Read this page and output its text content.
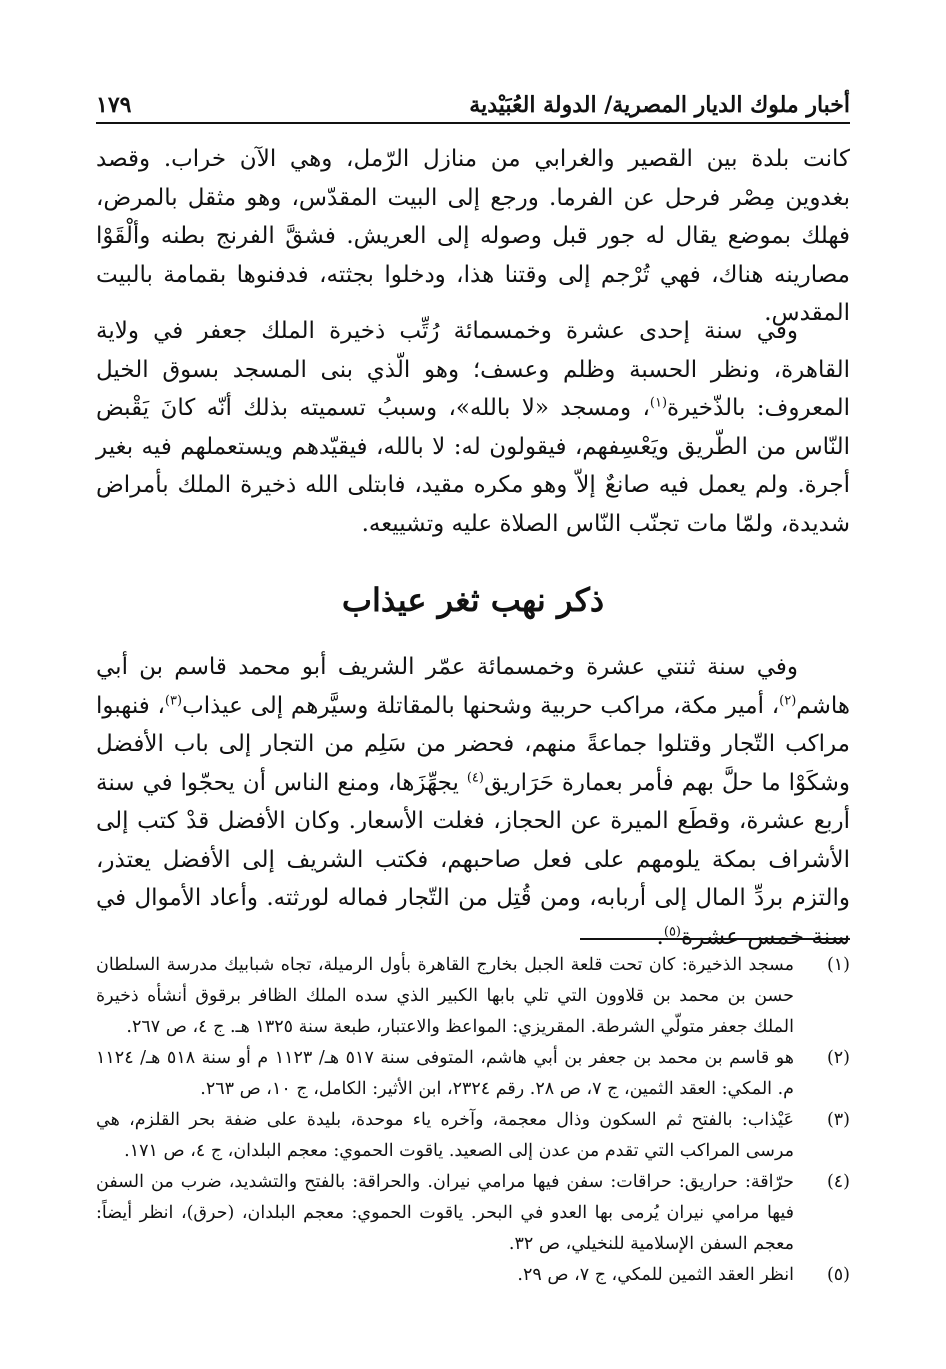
أخبار ملوك الديار المصرية/ الدولة العُبَيْدية
١٧٩

كانت بلدة بين القصير والغرابي من منازل الرّمل، وهي الآن خراب. وقصد بغدوين مِصْر فرحل عن الفرما. ورجع إلى البيت المقدّس، وهو مثقل بالمرض، فهلك بموضع يقال له جور قبل وصوله إلى العريش. فشقَّ الفرنج بطنه وألْقَوْا مصارينه هناك، فهي تُرْجم إلى وقتنا هذا، ودخلوا بجثته، فدفنوها بقمامة بالبيت المقدس.

وفي سنة إحدى عشرة وخمسمائة رُتِّب ذخيرة الملك جعفر في ولاية القاهرة، ونظر الحسبة وظلم وعسف؛ وهو الّذي بنى المسجد بسوق الخيل المعروف: بالذّخيرة$^{(١)}$، ومسجد «لا بالله»، وسببُ تسميته بذلك أنّه كانَ يَقْبض النّاس من الطّريق ويَعْسِفهم، فيقولون له: لا بالله، فيقيّدهم ويستعملهم فيه بغير أجرة. ولم يعمل فيه صانعٌ إلاّ وهو مكره مقيد، فابتلى الله ذخيرة الملك بأمراض شديدة، ولمّا مات تجنّب النّاس الصلاة عليه وتشييعه.

ذكر نهب ثغر عيذاب

وفي سنة ثنتي عشرة وخمسمائة عمّر الشريف أبو محمد قاسم بن أبي هاشم$^{(٢)}$، أمير مكة، مراكب حربية وشحنها بالمقاتلة وسيَّرهم إلى عيذاب$^{(٣)}$، فنهبوا مراكب التّجار وقتلوا جماعةً منهم، فحضر من سَلِم من التجار إلى باب الأفضل وشكَوْا ما حلَّ بهم فأمر بعمارة حَرَاريق$^{(٤)}$ يجهِّزَها، ومنع الناس أن يحجّوا في سنة أربع عشرة، وقطَع الميرة عن الحجاز، فغلت الأسعار. وكان الأفضل قدْ كتب إلى الأشراف بمكة يلومهم على فعل صاحبهم، فكتب الشريف إلى الأفضل يعتذر، والتزم بردِّ المال إلى أربابه، ومن قُتِل من التّجار فماله لورثته. وأعاد الأموال في سنة خمس عشرة$^{(٥)}$.

(١)
مسجد الذخيرة: كان تحت قلعة الجبل بخارج القاهرة بأول الرميلة، تجاه شبابيك مدرسة السلطان حسن بن محمد بن قلاوون التي تلي بابها الكبير الذي سده الملك الظافر برقوق أنشأه ذخيرة الملك جعفر متولّي الشرطة. المقريزي: المواعظ والاعتبار، طبعة سنة ١٣٢٥ هـ. ج ٤، ص ٢٦٧.
(٢)
هو قاسم بن محمد بن جعفر بن أبي هاشم، المتوفى سنة ٥١٧ هـ/ ١١٢٣ م أو سنة ٥١٨ هـ/ ١١٢٤ م. المكي: العقد الثمين، ج ٧، ص ٢٨. رقم ٢٣٢٤، ابن الأثير: الكامل، ج ١٠، ص ٢٦٣.
(٣)
عَيْذاب: بالفتح ثم السكون وذال معجمة، وآخره ياء موحدة، بليدة على ضفة بحر القلزم، هي مرسى المراكب التي تقدم من عدن إلى الصعيد. ياقوت الحموي: معجم البلدان، ج ٤، ص ١٧١.
(٤)
حرّاقة: حراريق: حراقات: سفن فيها مرامي نيران. والحراقة: بالفتح والتشديد، ضرب من السفن فيها مرامي نيران يُرمى بها العدو في البحر. ياقوت الحموي: معجم البلدان، (حرق)، انظر أيضاً: معجم السفن الإسلامية للنخيلي، ص ٣٢.
(٥)
انظر العقد الثمين للمكي، ج ٧، ص ٢٩.
